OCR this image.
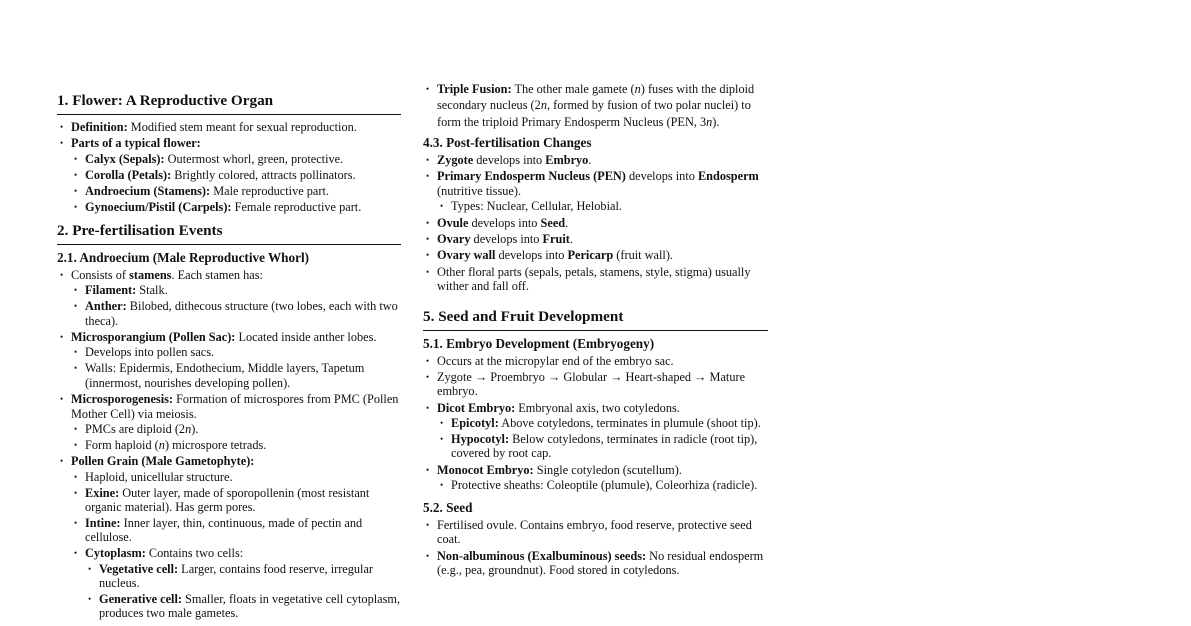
1. Flower: A Reproductive Organ
• Definition: Modified stem meant for sexual reproduction.
• Parts of a typical flower:
• Calyx (Sepals): Outermost whorl, green, protective.
• Corolla (Petals): Brightly colored, attracts pollinators.
• Androecium (Stamens): Male reproductive part.
• Gynoecium/Pistil (Carpels): Female reproductive part.
2. Pre-fertilisation Events
2.1. Androecium (Male Reproductive Whorl)
• Consists of stamens. Each stamen has:
• Filament: Stalk.
• Anther: Bilobed, dithecous structure (two lobes, each with two theca).
• Microsporangium (Pollen Sac): Located inside anther lobes.
• Develops into pollen sacs.
• Walls: Epidermis, Endothecium, Middle layers, Tapetum (innermost, nourishes developing pollen).
• Microsporogenesis: Formation of microspores from PMC (Pollen Mother Cell) via meiosis.
• PMCs are diploid (2n).
• Form haploid (n) microspore tetrads.
• Pollen Grain (Male Gametophyte):
• Haploid, unicellular structure.
• Exine: Outer layer, made of sporopollenin (most resistant organic material). Has germ pores.
• Intine: Inner layer, thin, continuous, made of pectin and cellulose.
• Cytoplasm: Contains two cells:
• Vegetative cell: Larger, contains food reserve, irregular nucleus.
• Generative cell: Smaller, floats in vegetative cell cytoplasm, produces two male gametes.
• Triple Fusion: The other male gamete (n) fuses with the diploid secondary nucleus (2n, formed by fusion of two polar nuclei) to form the triploid Primary Endosperm Nucleus (PEN, 3n).
4.3. Post-fertilisation Changes
• Zygote develops into Embryo.
• Primary Endosperm Nucleus (PEN) develops into Endosperm (nutritive tissue).
• Types: Nuclear, Cellular, Helobial.
• Ovule develops into Seed.
• Ovary develops into Fruit.
• Ovary wall develops into Pericarp (fruit wall).
• Other floral parts (sepals, petals, stamens, style, stigma) usually wither and fall off.
5. Seed and Fruit Development
5.1. Embryo Development (Embryogeny)
• Occurs at the micropylar end of the embryo sac.
• Zygote → Proembryo → Globular → Heart-shaped → Mature embryo.
• Dicot Embryo: Embryonal axis, two cotyledons.
• Epicotyl: Above cotyledons, terminates in plumule (shoot tip).
• Hypocotyl: Below cotyledons, terminates in radicle (root tip), covered by root cap.
• Monocot Embryo: Single cotyledon (scutellum).
• Protective sheaths: Coleoptile (plumule), Coleorhiza (radicle).
5.2. Seed
• Fertilised ovule. Contains embryo, food reserve, protective seed coat.
• Non-albuminous (Exalbuminous) seeds: No residual endosperm (e.g., pea, groundnut). Food stored in cotyledons.
